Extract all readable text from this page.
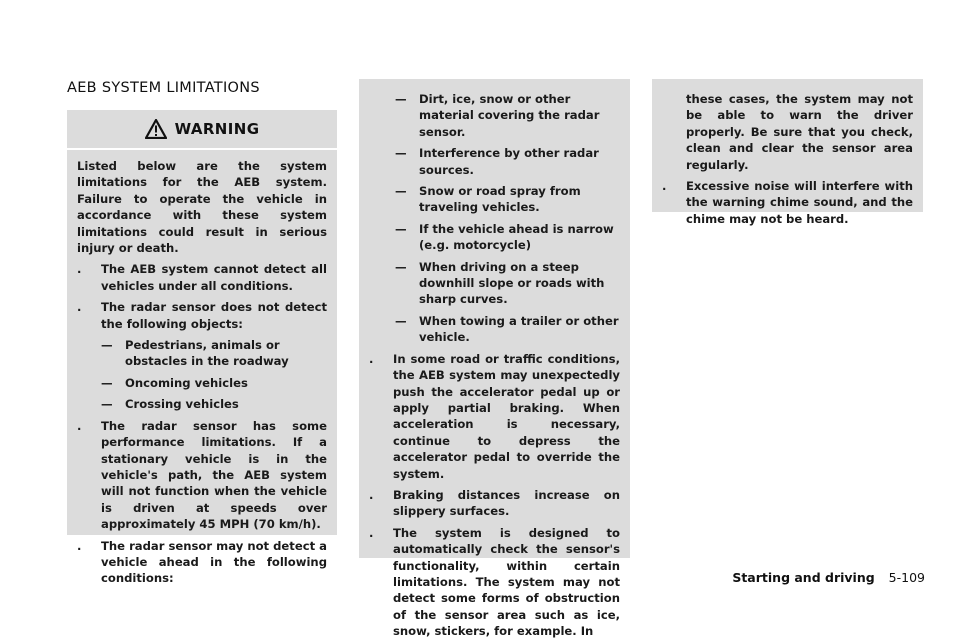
AEB SYSTEM LIMITATIONS
WARNING

Listed below are the system limitations for the AEB system. Failure to operate the vehicle in accordance with these system limitations could result in serious injury or death.

. The AEB system cannot detect all vehicles under all conditions.
. The radar sensor does not detect the following objects:
— Pedestrians, animals or obstacles in the roadway
— Oncoming vehicles
— Crossing vehicles
. The radar sensor has some performance limitations. If a stationary vehicle is in the vehicle's path, the AEB system will not function when the vehicle is driven at speeds over approximately 45 MPH (70 km/h).
. The radar sensor may not detect a vehicle ahead in the following conditions:
— Dirt, ice, snow or other material covering the radar sensor.
— Interference by other radar sources.
— Snow or road spray from traveling vehicles.
— If the vehicle ahead is narrow (e.g. motorcycle)
— When driving on a steep downhill slope or roads with sharp curves.
— When towing a trailer or other vehicle.
. In some road or traffic conditions, the AEB system may unexpectedly push the accelerator pedal up or apply partial braking. When acceleration is necessary, continue to depress the accelerator pedal to override the system.
. Braking distances increase on slippery surfaces.
. The system is designed to automatically check the sensor's functionality, within certain limitations. The system may not detect some forms of obstruction of the sensor area such as ice, snow, stickers, for example. In

these cases, the system may not be able to warn the driver properly. Be sure that you check, clean and clear the sensor area regularly.

. Excessive noise will interfere with the warning chime sound, and the chime may not be heard.
Starting and driving 5-109
